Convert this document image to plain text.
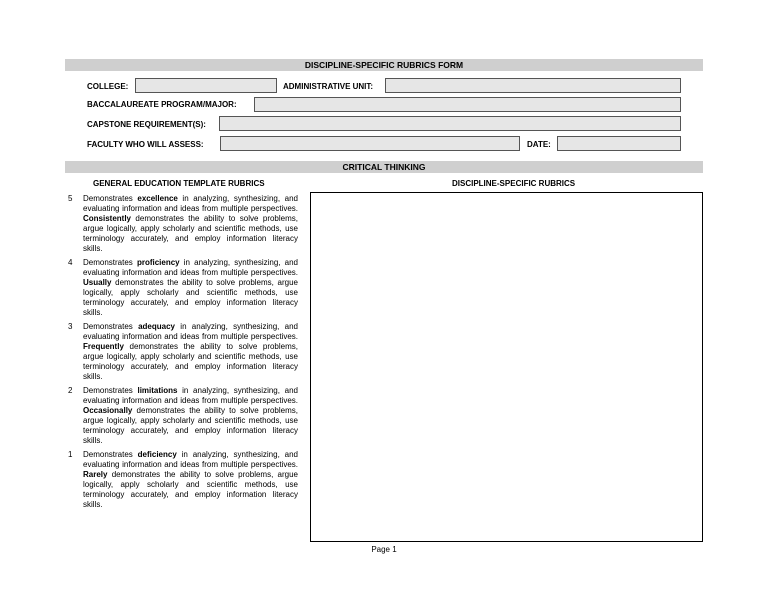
DISCIPLINE-SPECIFIC RUBRICS FORM
COLLEGE:	ADMINISTRATIVE UNIT:
BACCALAUREATE PROGRAM/MAJOR:
CAPSTONE REQUIREMENT(S):
FACULTY WHO WILL ASSESS:	DATE:
CRITICAL THINKING
GENERAL EDUCATION TEMPLATE RUBRICS	DISCIPLINE-SPECIFIC RUBRICS
5	Demonstrates excellence in analyzing, synthesizing, and evaluating information and ideas from multiple perspectives. Consistently demonstrates the ability to solve problems, argue logically, apply scholarly and scientific methods, use terminology accurately, and employ information literacy skills.
4	Demonstrates proficiency in analyzing, synthesizing, and evaluating information and ideas from multiple perspectives. Usually demonstrates the ability to solve problems, argue logically, apply scholarly and scientific methods, use terminology accurately, and employ information literacy skills.
3	Demonstrates adequacy in analyzing, synthesizing, and evaluating information and ideas from multiple perspectives. Frequently demonstrates the ability to solve problems, argue logically, apply scholarly and scientific methods, use terminology accurately, and employ information literacy skills.
2	Demonstrates limitations in analyzing, synthesizing, and evaluating information and ideas from multiple perspectives. Occasionally demonstrates the ability to solve problems, argue logically, apply scholarly and scientific methods, use terminology accurately, and employ information literacy skills.
1	Demonstrates deficiency in analyzing, synthesizing, and evaluating information and ideas from multiple perspectives. Rarely demonstrates the ability to solve problems, argue logically, apply scholarly and scientific methods, use terminology accurately, and employ information literacy skills.
Page 1
